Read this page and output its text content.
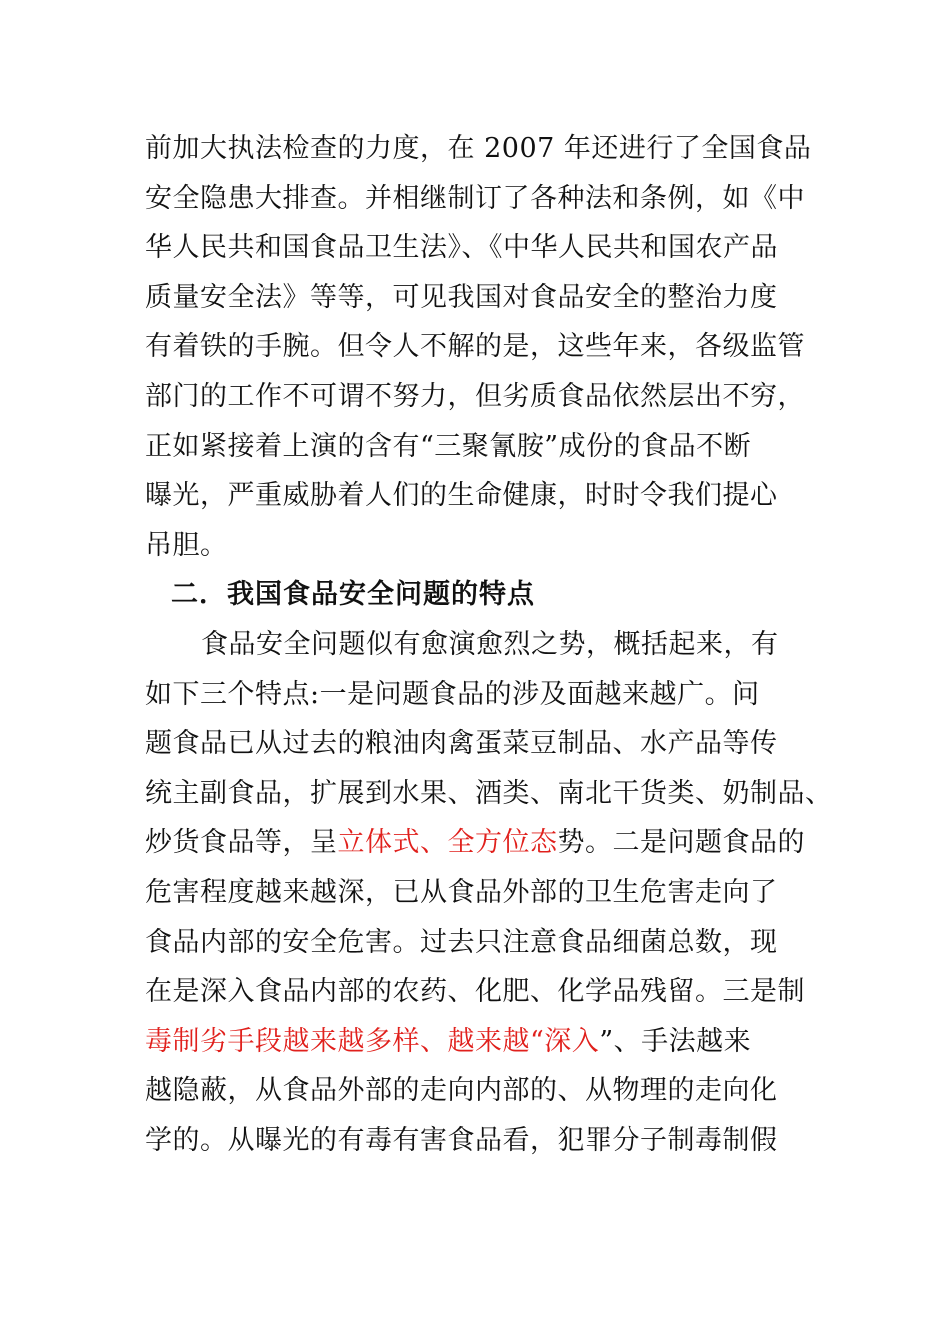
前加大执法检查的力度，在 2007 年还进行了全国食品
安全隐患大排查。并相继制订了各种法和条例，如《中
华人民共和国食品卫生法》、《中华人民共和国农产品
质量安全法》等等，可见我国对食品安全的整治力度
有着铁的手腕。但令人不解的是，这些年来，各级监管
部门的工作不可谓不努力，但劣质食品依然层出不穷，
正如紧接着上演的含有“三聚氰胺”成份的食品不断
曝光，严重威胁着人们的生命健康，时时令我们提心
吊胆。
二．我国食品安全问题的特点
食品安全问题似有愈演愈烈之势，概括起来，有
如下三个特点:一是问题食品的涉及面越来越广。问
题食品已从过去的粮油肉禽蛋菜豆制品、水产品等传
统主副食品，扩展到水果、酒类、南北干货类、奶制品、
炒货食品等，呈立体式、全方位态势。二是问题食品的
危害程度越来越深，已从食品外部的卫生危害走向了
食品内部的安全危害。过去只注意食品细菌总数，现
在是深入食品内部的农药、化肥、化学品残留。三是制
毒制劣手段越来越多样、越来越“深入”、手法越来
越隐蔽，从食品外部的走向内部的、从物理的走向化
学的。从曝光的有毒有害食品看，犯罪分子制毒制假
